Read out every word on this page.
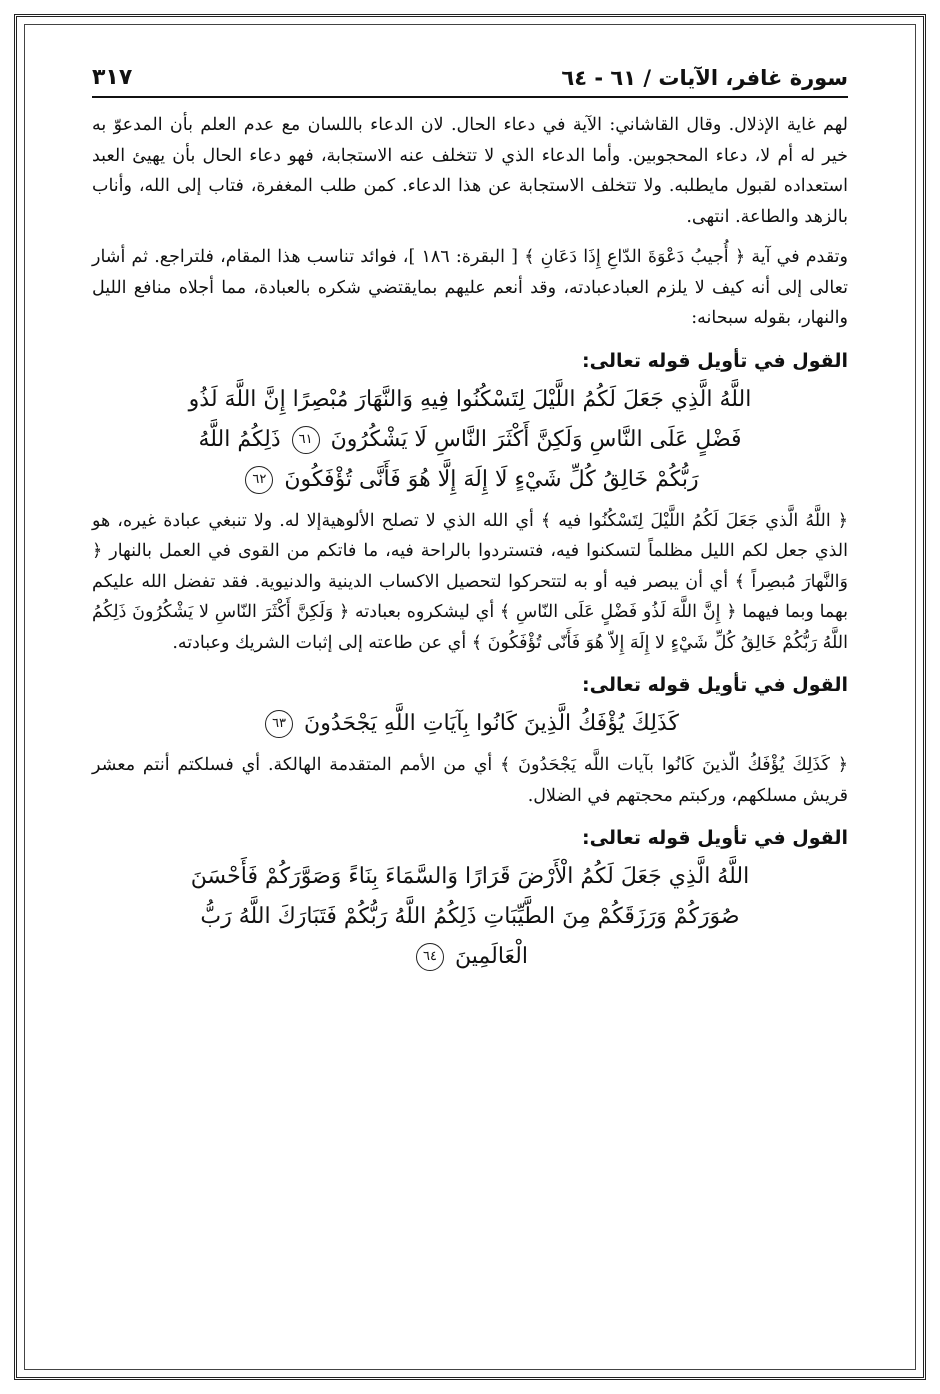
سورة غافر، الآيات / ٦١ - ٦٤
٣١٧

لهم غاية الإذلال. وقال القاشاني: الآية في دعاء الحال. لان الدعاء باللسان مع عدم العلم بأن المدعوّ به خير له أم لا، دعاء المحجوبين. وأما الدعاء الذي لا تتخلف عنه الاستجابة، فهو دعاء الحال بأن يهيئ العبد استعداده لقبول مايطلبه. ولا تتخلف الاستجابة عن هذا الدعاء. كمن طلب المغفرة، فتاب إلى الله، وأناب بالزهد والطاعة. انتهى.

وتقدم في آية ﴿ أُجيبُ دَعْوَةَ الدّاعِ إِذَا دَعَانِ ﴾ [ البقرة: ١٨٦ ]، فوائد تناسب هذا المقام، فلتراجع. ثم أشار تعالى إلى أنه كيف لا يلزم العبادعبادته، وقد أنعم عليهم بمايقتضي شكره بالعبادة، مما أجلاه منافع الليل والنهار، بقوله سبحانه:

القول في تأويل قوله تعالى:
اللَّهُ الَّذِي جَعَلَ لَكُمُ اللَّيْلَ لِتَسْكُنُوا فِيهِ وَالنَّهَارَ مُبْصِرًا إِنَّ اللَّهَ لَذُو
فَضْلٍ عَلَى النَّاسِ وَلَكِنَّ أَكْثَرَ النَّاسِ لَا يَشْكُرُونَ ٦١ ذَلِكُمُ اللَّهُ
رَبُّكُمْ خَالِقُ كُلِّ شَيْءٍ لَا إِلَهَ إِلَّا هُوَ فَأَنَّى تُؤْفَكُونَ ٦٢

﴿ اللَّهُ الَّذي جَعَلَ لَكُمُ اللَّيْلَ لِتَسْكُنُوا فيه ﴾ أي الله الذي لا تصلح الألوهيةإلا له. ولا تنبغي عبادة غيره، هو الذي جعل لكم الليل مظلماً لتسكنوا فيه، فتستردوا بالراحة فيه، ما فاتكم من القوى في العمل بالنهار ﴿ وَالنَّهارَ مُبصِراً ﴾ أي أن يبصر فيه أو به لتتحركوا لتحصيل الاكساب الدينية والدنيوية. فقد تفضل الله عليكم بهما وبما فيهما ﴿ إِنَّ اللَّهَ لَذُو فَضْلٍ عَلَى النّاسِ ﴾ أي ليشكروه بعبادته ﴿ وَلَكِنَّ أَكْثَرَ النّاسِ لا يَشْكُرُونَ ذَلِكُمُ اللَّهُ رَبُّكُمْ خَالِقُ كُلِّ شَيْءٍ لا إِلَهَ إِلاّ هُوَ فَأَنّى تُؤْفَكُونَ ﴾ أي عن طاعته إلى إثبات الشريك وعبادته.

القول في تأويل قوله تعالى:
كَذَلِكَ يُؤْفَكُ الَّذِينَ كَانُوا بِآيَاتِ اللَّهِ يَجْحَدُونَ ٦٣

﴿ كَذَلِكَ يُؤْفَكُ الّذينَ كَانُوا بآيات اللَّه يَجْحَدُونَ ﴾ أي من الأمم المتقدمة الهالكة. أي فسلكتم أنتم معشر قريش مسلكهم، وركبتم محجتهم في الضلال.

القول في تأويل قوله تعالى:
اللَّهُ الَّذِي جَعَلَ لَكُمُ الْأَرْضَ قَرَارًا وَالسَّمَاءَ بِنَاءً وَصَوَّرَكُمْ فَأَحْسَنَ
صُوَرَكُمْ وَرَزَقَكُمْ مِنَ الطَّيِّبَاتِ ذَلِكُمُ اللَّهُ رَبُّكُمْ فَتَبَارَكَ اللَّهُ رَبُّ
الْعَالَمِينَ ٦٤
